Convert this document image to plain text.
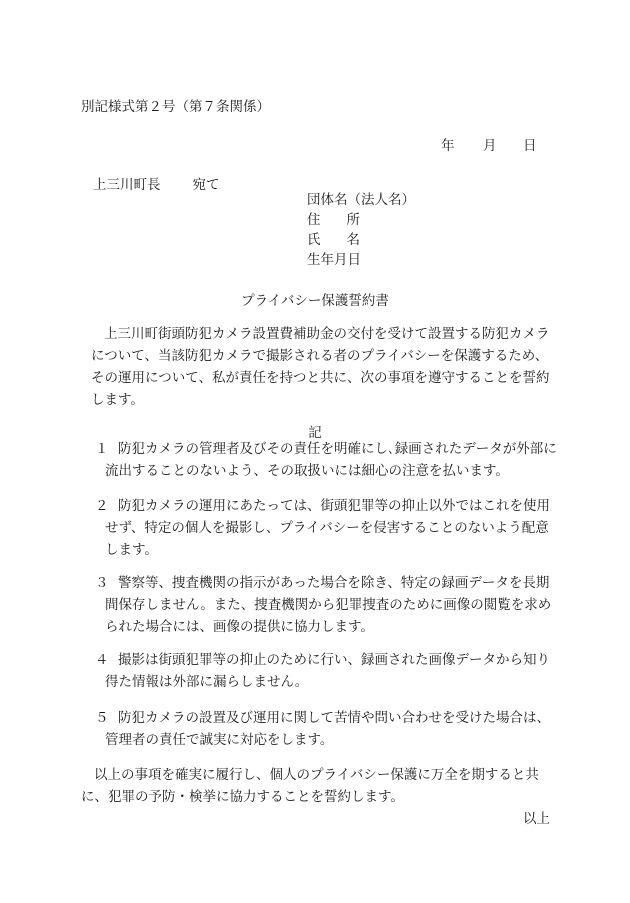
別記様式第２号（第７条関係）
年 月 日
上三川町長 宛て
団体名（法人名）
住 所
氏 名
生年月日
プライバシー保護誓約書
上三川町街頭防犯カメラ設置費補助金の交付を受けて設置する防犯カメラについて、当該防犯カメラで撮影される者のプライバシーを保護するため、その運用について、私が責任を持つと共に、次の事項を遵守することを誓約します。
記
１ 防犯カメラの管理者及びその責任を明確にし､録画されたデータが外部に流出することのないよう、その取扱いには細心の注意を払います。
２ 防犯カメラの運用にあたっては、街頭犯罪等の抑止以外ではこれを使用せず、特定の個人を撮影し、プライバシーを侵害することのないよう配意します。
３ 警察等、捜査機関の指示があった場合を除き、特定の録画データを長期間保存しません。また、捜査機関から犯罪捜査のために画像の閲覧を求められた場合には、画像の提供に協力します。
４ 撮影は街頭犯罪等の抑止のために行い、録画された画像データから知り得た情報は外部に漏らしません。
５ 防犯カメラの設置及び運用に関して苦情や問い合わせを受けた場合は、管理者の責任で誠実に対応をします。
以上の事項を確実に履行し、個人のプライバシー保護に万全を期すると共に、犯罪の予防・検挙に協力することを誓約します。
以上
